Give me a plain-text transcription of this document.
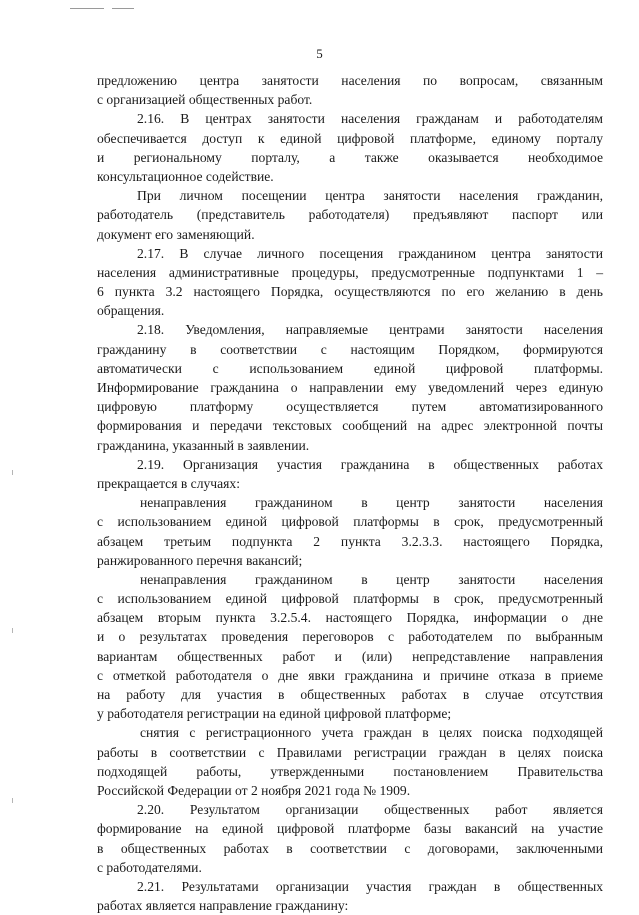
5
предложению центра занятости населения по вопросам, связанным
с организацией общественных работ.
2.16. В центрах занятости населения гражданам и работодателям
обеспечивается доступ к единой цифровой платформе, единому порталу
и региональному порталу, а также оказывается необходимое
консультационное содействие.
При личном посещении центра занятости населения гражданин,
работодатель (представитель работодателя) предъявляют паспорт или
документ его заменяющий.
2.17. В случае личного посещения гражданином центра занятости
населения административные процедуры, предусмотренные подпунктами 1 –
6 пункта 3.2 настоящего Порядка, осуществляются по его желанию в день
обращения.
2.18. Уведомления, направляемые центрами занятости населения
гражданину в соответствии с настоящим Порядком, формируются
автоматически с использованием единой цифровой платформы.
Информирование гражданина о направлении ему уведомлений через единую
цифровую платформу осуществляется путем автоматизированного
формирования и передачи текстовых сообщений на адрес электронной почты
гражданина, указанный в заявлении.
2.19. Организация участия гражданина в общественных работах
прекращается в случаях:
ненаправления гражданином в центр занятости населения
с использованием единой цифровой платформы в срок, предусмотренный
абзацем третьим подпункта 2 пункта 3.2.3.3. настоящего Порядка,
ранжированного перечня вакансий;
ненаправления гражданином в центр занятости населения
с использованием единой цифровой платформы в срок, предусмотренный
абзацем вторым пункта 3.2.5.4. настоящего Порядка, информации о дне
и о результатах проведения переговоров с работодателем по выбранным
вариантам общественных работ и (или) непредставление направления
с отметкой работодателя о дне явки гражданина и причине отказа в приеме
на работу для участия в общественных работах в случае отсутствия
у работодателя регистрации на единой цифровой платформе;
снятия с регистрационного учета граждан в целях поиска подходящей
работы в соответствии с Правилами регистрации граждан в целях поиска
подходящей работы, утвержденными постановлением Правительства
Российской Федерации от 2 ноября 2021 года № 1909.
2.20. Результатом организации общественных работ является
формирование на единой цифровой платформе базы вакансий на участие
в общественных работах в соответствии с договорами, заключенными
с работодателями.
2.21. Результатами организации участия граждан в общественных
работах является направление гражданину:
